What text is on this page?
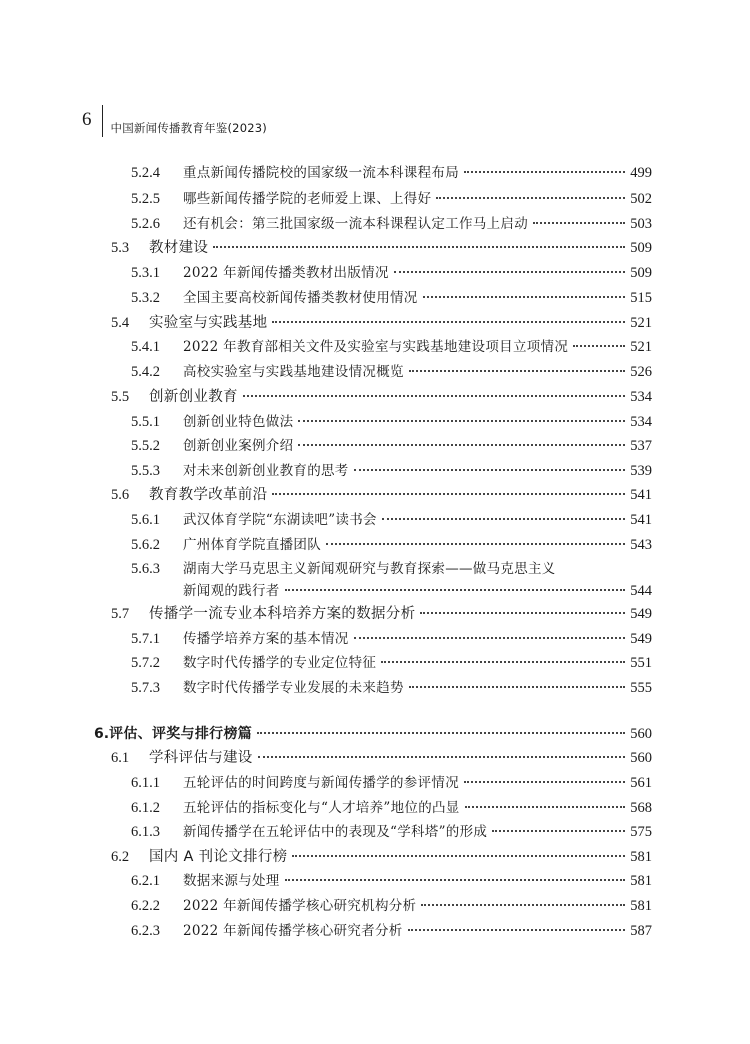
6 中国新闻传播教育年鉴(2023)
5.2.4	重点新闻传播院校的国家级一流本科课程布局	499
5.2.5	哪些新闻传播学院的老师爱上课、上得好	502
5.2.6	还有机会：第三批国家级一流本科课程认定工作马上启动	503
5.3	教材建设	509
5.3.1	2022 年新闻传播类教材出版情况	509
5.3.2	全国主要高校新闻传播类教材使用情况	515
5.4	实验室与实践基地	521
5.4.1	2022 年教育部相关文件及实验室与实践基地建设项目立项情况	521
5.4.2	高校实验室与实践基地建设情况概览	526
5.5	创新创业教育	534
5.5.1	创新创业特色做法	534
5.5.2	创新创业案例介绍	537
5.5.3	对未来创新创业教育的思考	539
5.6	教育教学改革前沿	541
5.6.1	武汉体育学院“东湖读吧”读书会	541
5.6.2	广州体育学院直播团队	543
5.6.3	湖南大学马克思主义新闻观研究与教育探索——做马克思主义
新闻观的践行者	544
5.7	传播学一流专业本科培养方案的数据分析	549
5.7.1	传播学培养方案的基本情况	549
5.7.2	数字时代传播学的专业定位特征	551
5.7.3	数字时代传播学专业发展的未来趋势	555
6. 评估、评奖与排行榜篇	560
6.1	学科评估与建设	560
6.1.1	五轮评估的时间跨度与新闻传播学的参评情况	561
6.1.2	五轮评估的指标变化与“人才培养”地位的凸显	568
6.1.3	新闻传播学在五轮评估中的表现及“学科塔”的形成	575
6.2	国内 A 刊论文排行榜	581
6.2.1	数据来源与处理	581
6.2.2	2022 年新闻传播学核心研究机构分析	581
6.2.3	2022 年新闻传播学核心研究者分析	587
